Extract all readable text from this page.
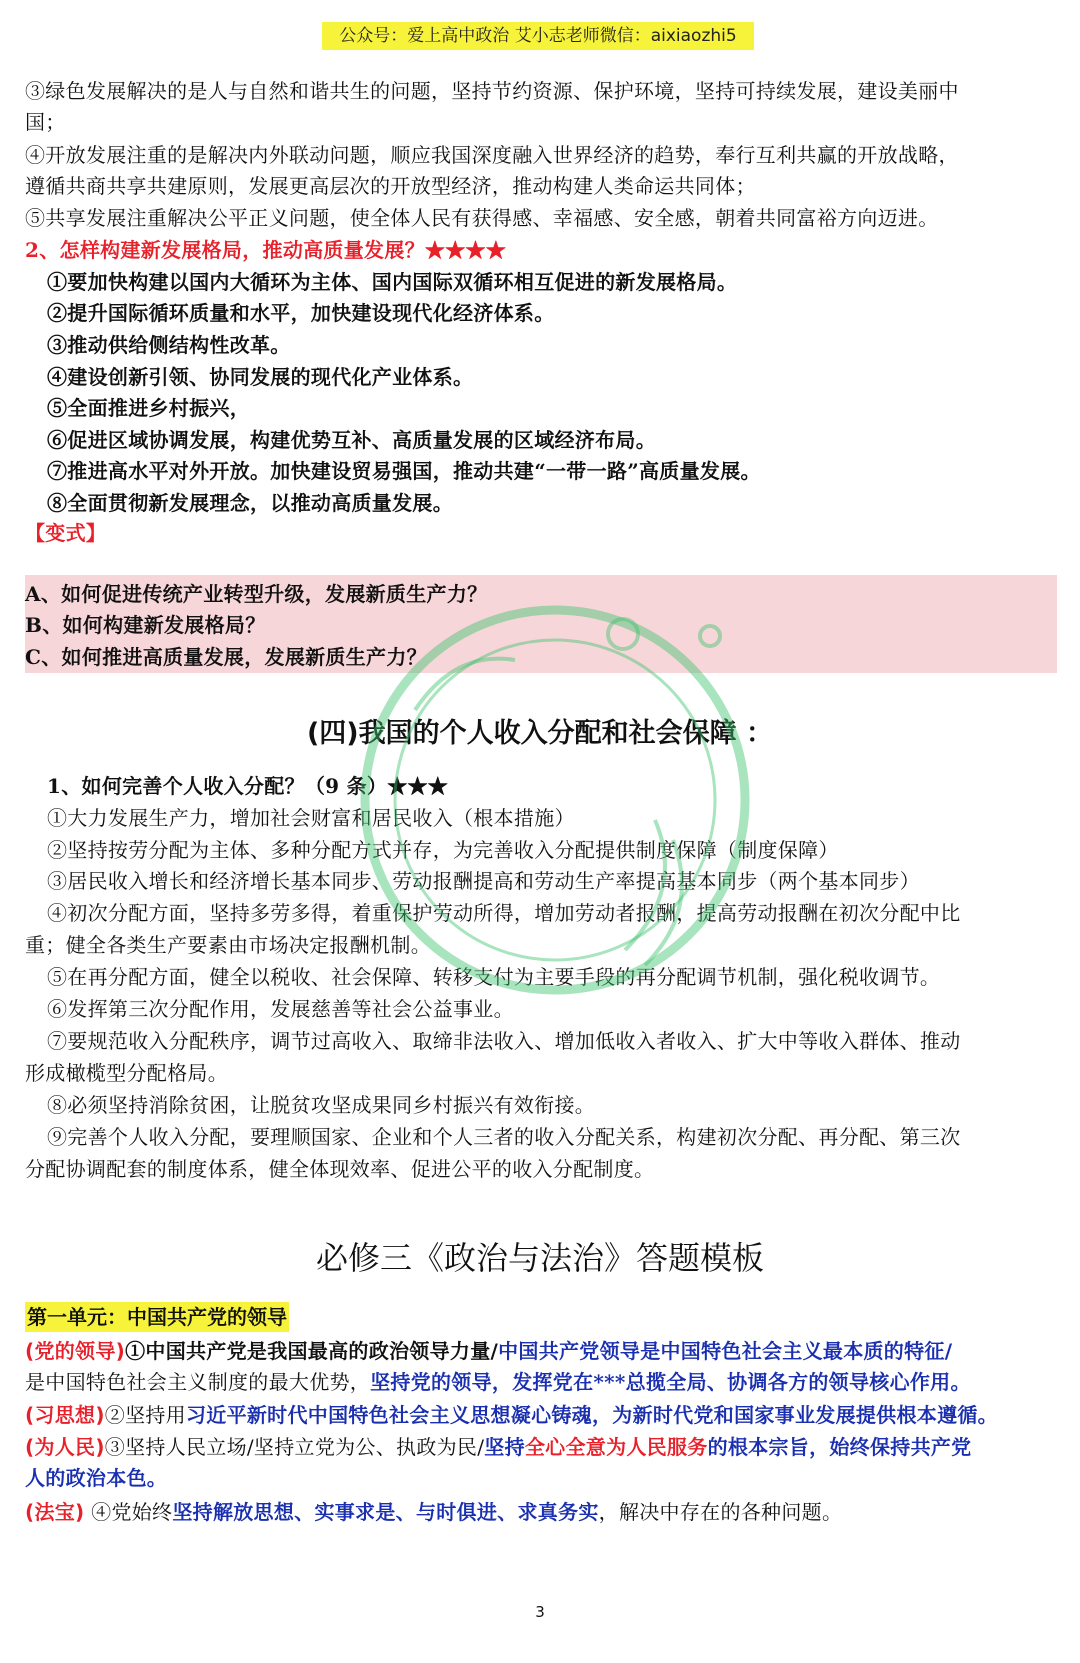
公众号：爱上高中政治 艾小志老师微信：aixiaozhi5
③绿色发展解决的是人与自然和谐共生的问题，坚持节约资源、保护环境，坚持可持续发展，建设美丽中
国；
④开放发展注重的是解决内外联动问题，顺应我国深度融入世界经济的趋势，奉行互利共赢的开放战略，
遵循共商共享共建原则，发展更高层次的开放型经济，推动构建人类命运共同体；
⑤共享发展注重解决公平正义问题，使全体人民有获得感、幸福感、安全感，朝着共同富裕方向迈进。
2、怎样构建新发展格局，推动高质量发展？★★★★
①要加快构建以国内大循环为主体、国内国际双循环相互促进的新发展格局。
②提升国际循环质量和水平，加快建设现代化经济体系。
③推动供给侧结构性改革。
④建设创新引领、协同发展的现代化产业体系。
⑤全面推进乡村振兴，
⑥促进区域协调发展，构建优势互补、高质量发展的区域经济布局。
⑦推进高水平对外开放。加快建设贸易强国，推动共建“一带一路”高质量发展。
⑧全面贯彻新发展理念，以推动高质量发展。
【变式】
A、如何促进传统产业转型升级，发展新质生产力？
B、如何构建新发展格局？
C、如何推进高质量发展，发展新质生产力？
(四)我国的个人收入分配和社会保障 ：
1、如何完善个人收入分配？（9 条）★★★
①大力发展生产力，增加社会财富和居民收入（根本措施）
②坚持按劳分配为主体、多种分配方式并存，为完善收入分配提供制度保障（制度保障）
③居民收入增长和经济增长基本同步、劳动报酬提高和劳动生产率提高基本同步（两个基本同步）
④初次分配方面，坚持多劳多得，着重保护劳动所得，增加劳动者报酬，提高劳动报酬在初次分配中比
重；健全各类生产要素由市场决定报酬机制。
⑤在再分配方面，健全以税收、社会保障、转移支付为主要手段的再分配调节机制，强化税收调节。
⑥发挥第三次分配作用，发展慈善等社会公益事业。
⑦要规范收入分配秩序，调节过高收入、取缔非法收入、增加低收入者收入、扩大中等收入群体、推动
形成橄榄型分配格局。
⑧必须坚持消除贫困，让脱贫攻坚成果同乡村振兴有效衔接。
⑨完善个人收入分配，要理顺国家、企业和个人三者的收入分配关系，构建初次分配、再分配、第三次
分配协调配套的制度体系，健全体现效率、促进公平的收入分配制度。
必修三《政治与法治》答题模板
第一单元：中国共产党的领导
(党的领导)①中国共产党是我国最高的政治领导力量/中国共产党领导是中国特色社会主义最本质的特征/
是中国特色社会主义制度的最大优势，坚持党的领导，发挥党在***总揽全局、协调各方的领导核心作用。
(习思想)②坚持用习近平新时代中国特色社会主义思想凝心铸魂，为新时代党和国家事业发展提供根本遵循。
(为人民)③坚持人民立场/坚持立党为公、执政为民/坚持全心全意为人民服务的根本宗旨，始终保持共产党
人的政治本色。
(法宝) ④党始终坚持解放思想、实事求是、与时俱进、求真务实，解决中存在的各种问题。
3
